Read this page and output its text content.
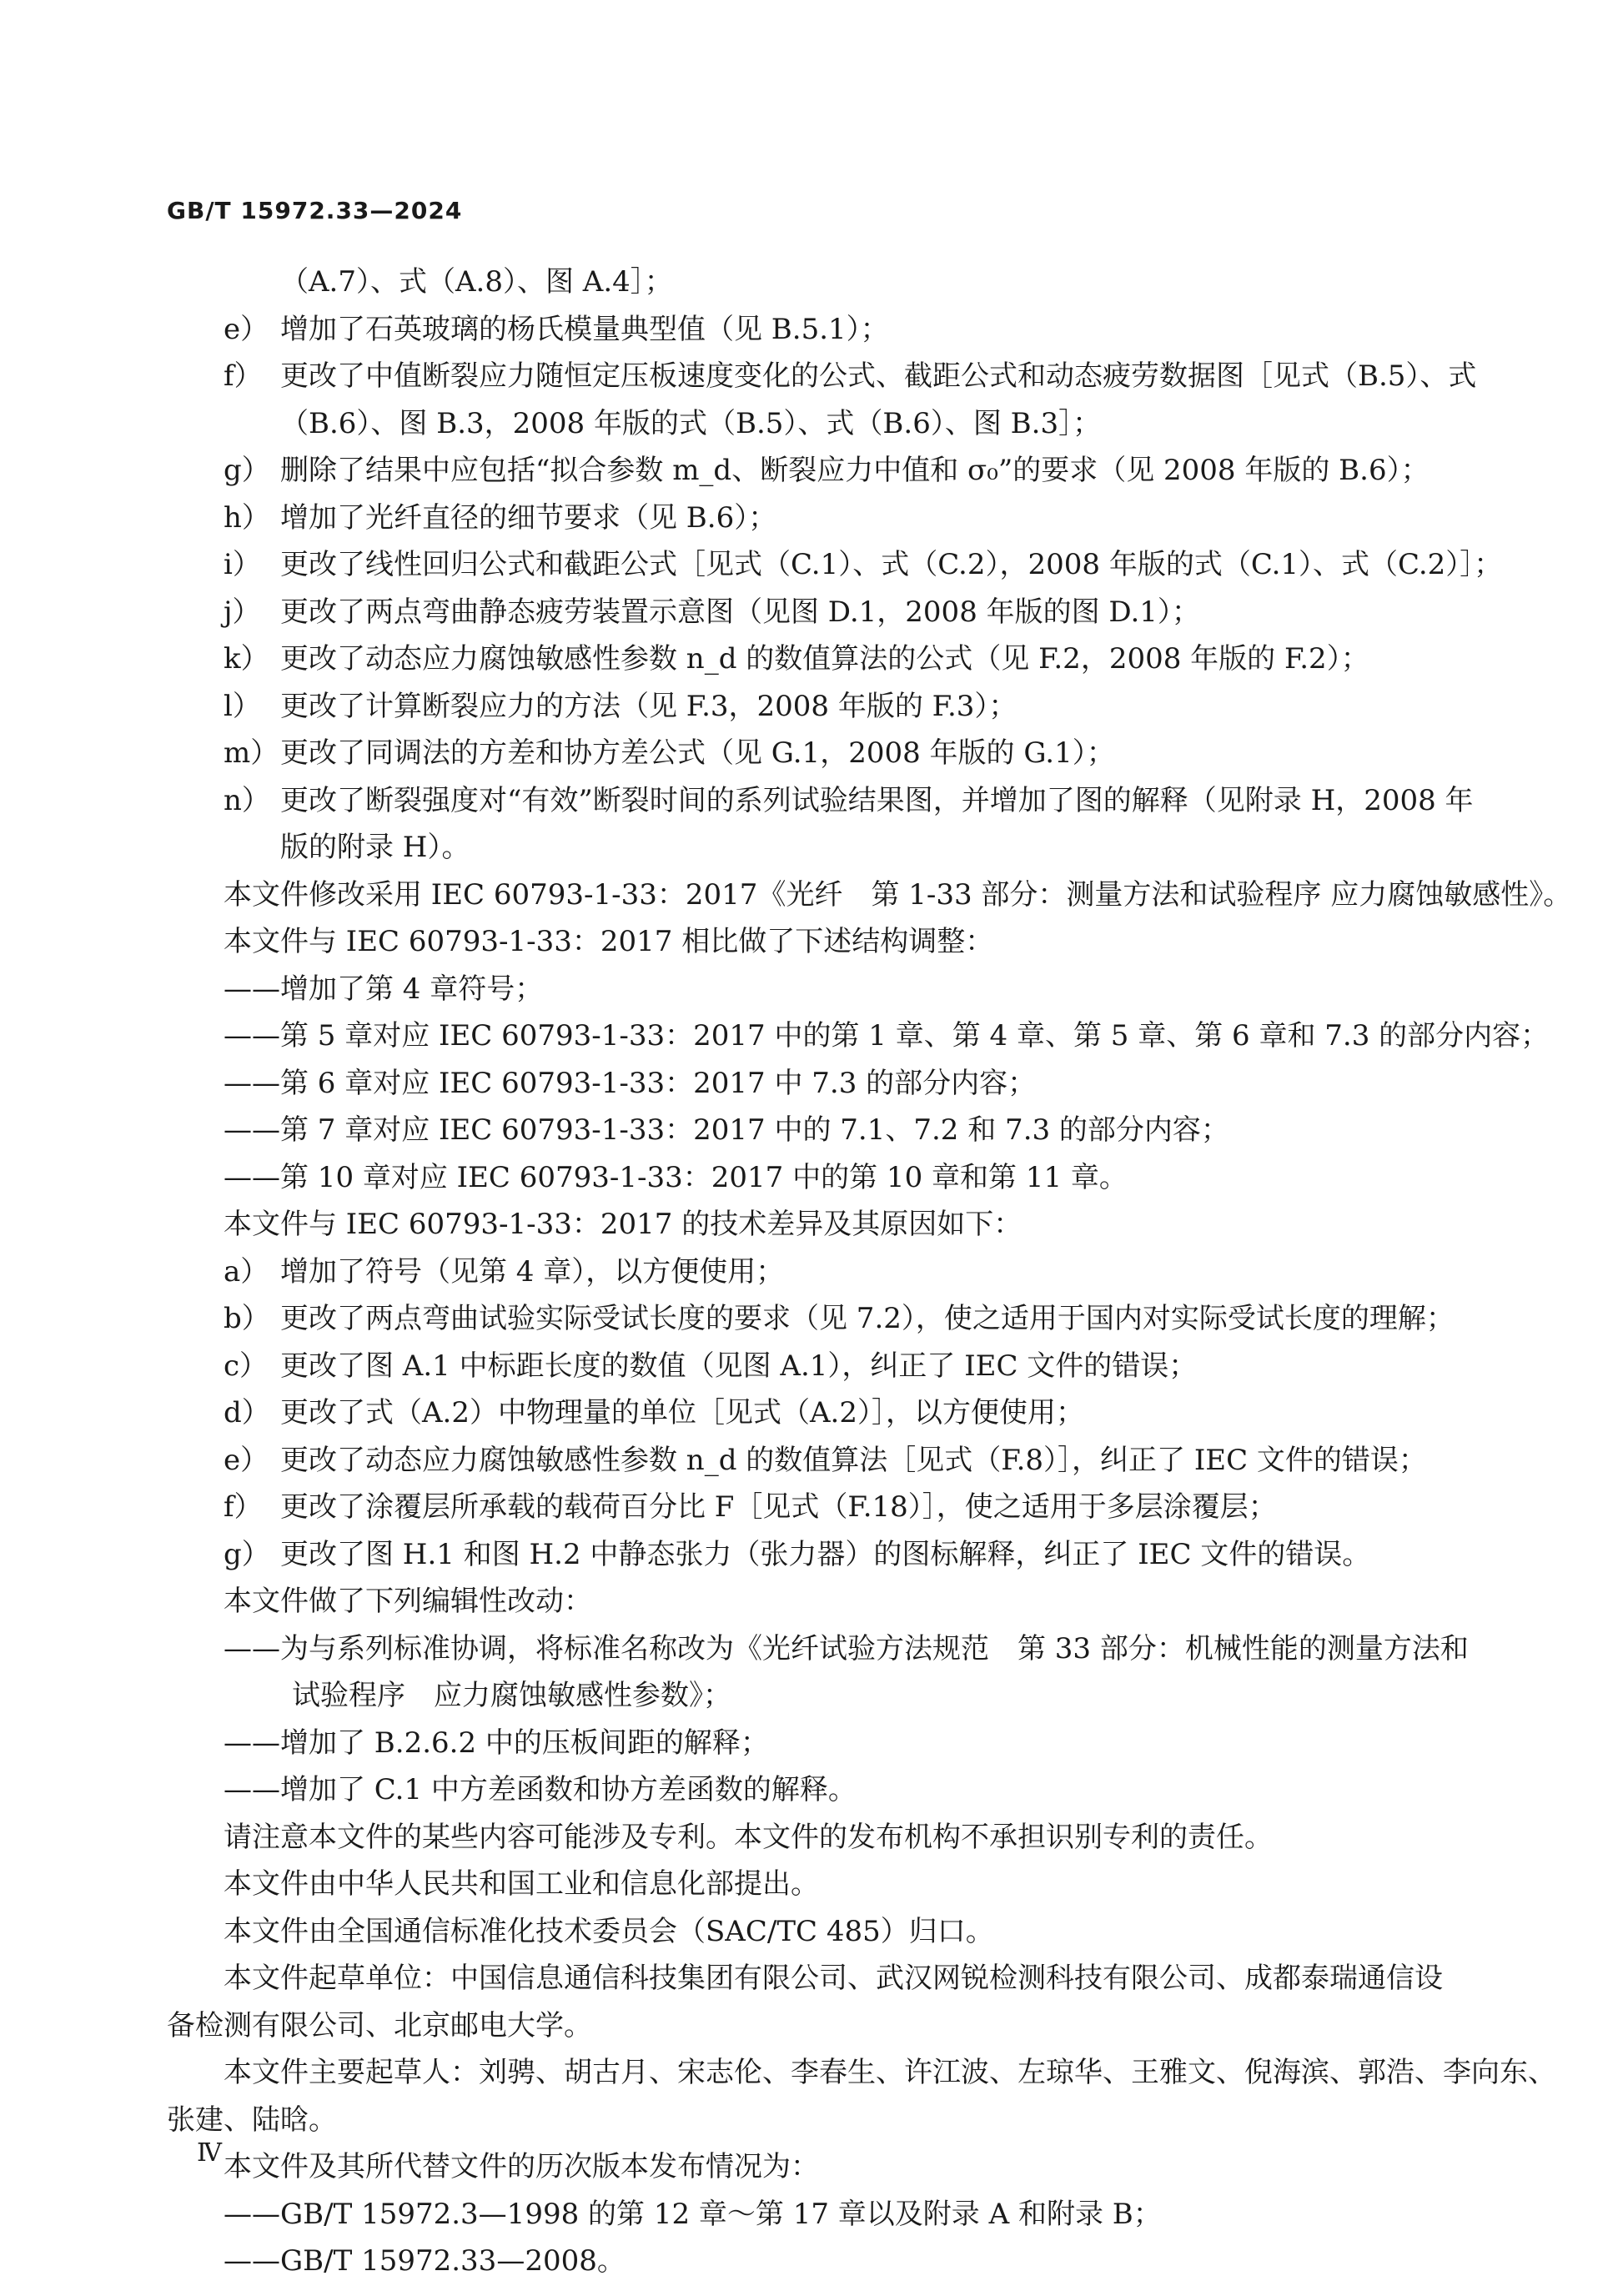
GB/T 15972.33—2024
（A.7）、式（A.8）、图 A.4］；
e） 增加了石英玻璃的杨氏模量典型值（见 B.5.1）；
f） 更改了中值断裂应力随恒定压板速度变化的公式、截距公式和动态疲劳数据图［见式（B.5）、式
（B.6）、图 B.3，2008 年版的式（B.5）、式（B.6）、图 B.3］；
g） 删除了结果中应包括“拟合参数 m_d、断裂应力中值和 σ₀”的要求（见 2008 年版的 B.6）；
h） 增加了光纤直径的细节要求（见 B.6）；
i） 更改了线性回归公式和截距公式［见式（C.1）、式（C.2），2008 年版的式（C.1）、式（C.2）］；
j） 更改了两点弯曲静态疲劳装置示意图（见图 D.1，2008 年版的图 D.1）；
k） 更改了动态应力腐蚀敏感性参数 n_d 的数值算法的公式（见 F.2，2008 年版的 F.2）；
l） 更改了计算断裂应力的方法（见 F.3，2008 年版的 F.3）；
m） 更改了同调法的方差和协方差公式（见 G.1，2008 年版的 G.1）；
n） 更改了断裂强度对“有效”断裂时间的系列试验结果图，并增加了图的解释（见附录 H，2008 年
版的附录 H）。
本文件修改采用 IEC 60793-1-33：2017《光纤　第 1-33 部分：测量方法和试验程序 应力腐蚀敏感性》。
本文件与 IEC 60793-1-33：2017 相比做了下述结构调整：
——增加了第 4 章符号；
——第 5 章对应 IEC 60793-1-33：2017 中的第 1 章、第 4 章、第 5 章、第 6 章和 7.3 的部分内容；
——第 6 章对应 IEC 60793-1-33：2017 中 7.3 的部分内容；
——第 7 章对应 IEC 60793-1-33：2017 中的 7.1、7.2 和 7.3 的部分内容；
——第 10 章对应 IEC 60793-1-33：2017 中的第 10 章和第 11 章。
本文件与 IEC 60793-1-33：2017 的技术差异及其原因如下：
a） 增加了符号（见第 4 章），以方便使用；
b） 更改了两点弯曲试验实际受试长度的要求（见 7.2），使之适用于国内对实际受试长度的理解；
c） 更改了图 A.1 中标距长度的数值（见图 A.1），纠正了 IEC 文件的错误；
d） 更改了式（A.2）中物理量的单位［见式（A.2）］，以方便使用；
e） 更改了动态应力腐蚀敏感性参数 n_d 的数值算法［见式（F.8）］，纠正了 IEC 文件的错误；
f） 更改了涂覆层所承载的载荷百分比 F［见式（F.18）］，使之适用于多层涂覆层；
g） 更改了图 H.1 和图 H.2 中静态张力（张力器）的图标解释，纠正了 IEC 文件的错误。
本文件做了下列编辑性改动：
——为与系列标准协调，将标准名称改为《光纤试验方法规范　第 33 部分：机械性能的测量方法和
试验程序　应力腐蚀敏感性参数》；
——增加了 B.2.6.2 中的压板间距的解释；
——增加了 C.1 中方差函数和协方差函数的解释。
请注意本文件的某些内容可能涉及专利。本文件的发布机构不承担识别专利的责任。
本文件由中华人民共和国工业和信息化部提出。
本文件由全国通信标准化技术委员会（SAC/TC 485）归口。
本文件起草单位：中国信息通信科技集团有限公司、武汉网锐检测科技有限公司、成都泰瑞通信设
备检测有限公司、北京邮电大学。
本文件主要起草人：刘骋、胡古月、宋志伦、李春生、许江波、左琼华、王雅文、倪海滨、郭浩、李向东、
张建、陆晗。
本文件及其所代替文件的历次版本发布情况为：
——GB/T 15972.3—1998 的第 12 章～第 17 章以及附录 A 和附录 B；
——GB/T 15972.33—2008。
Ⅳ
